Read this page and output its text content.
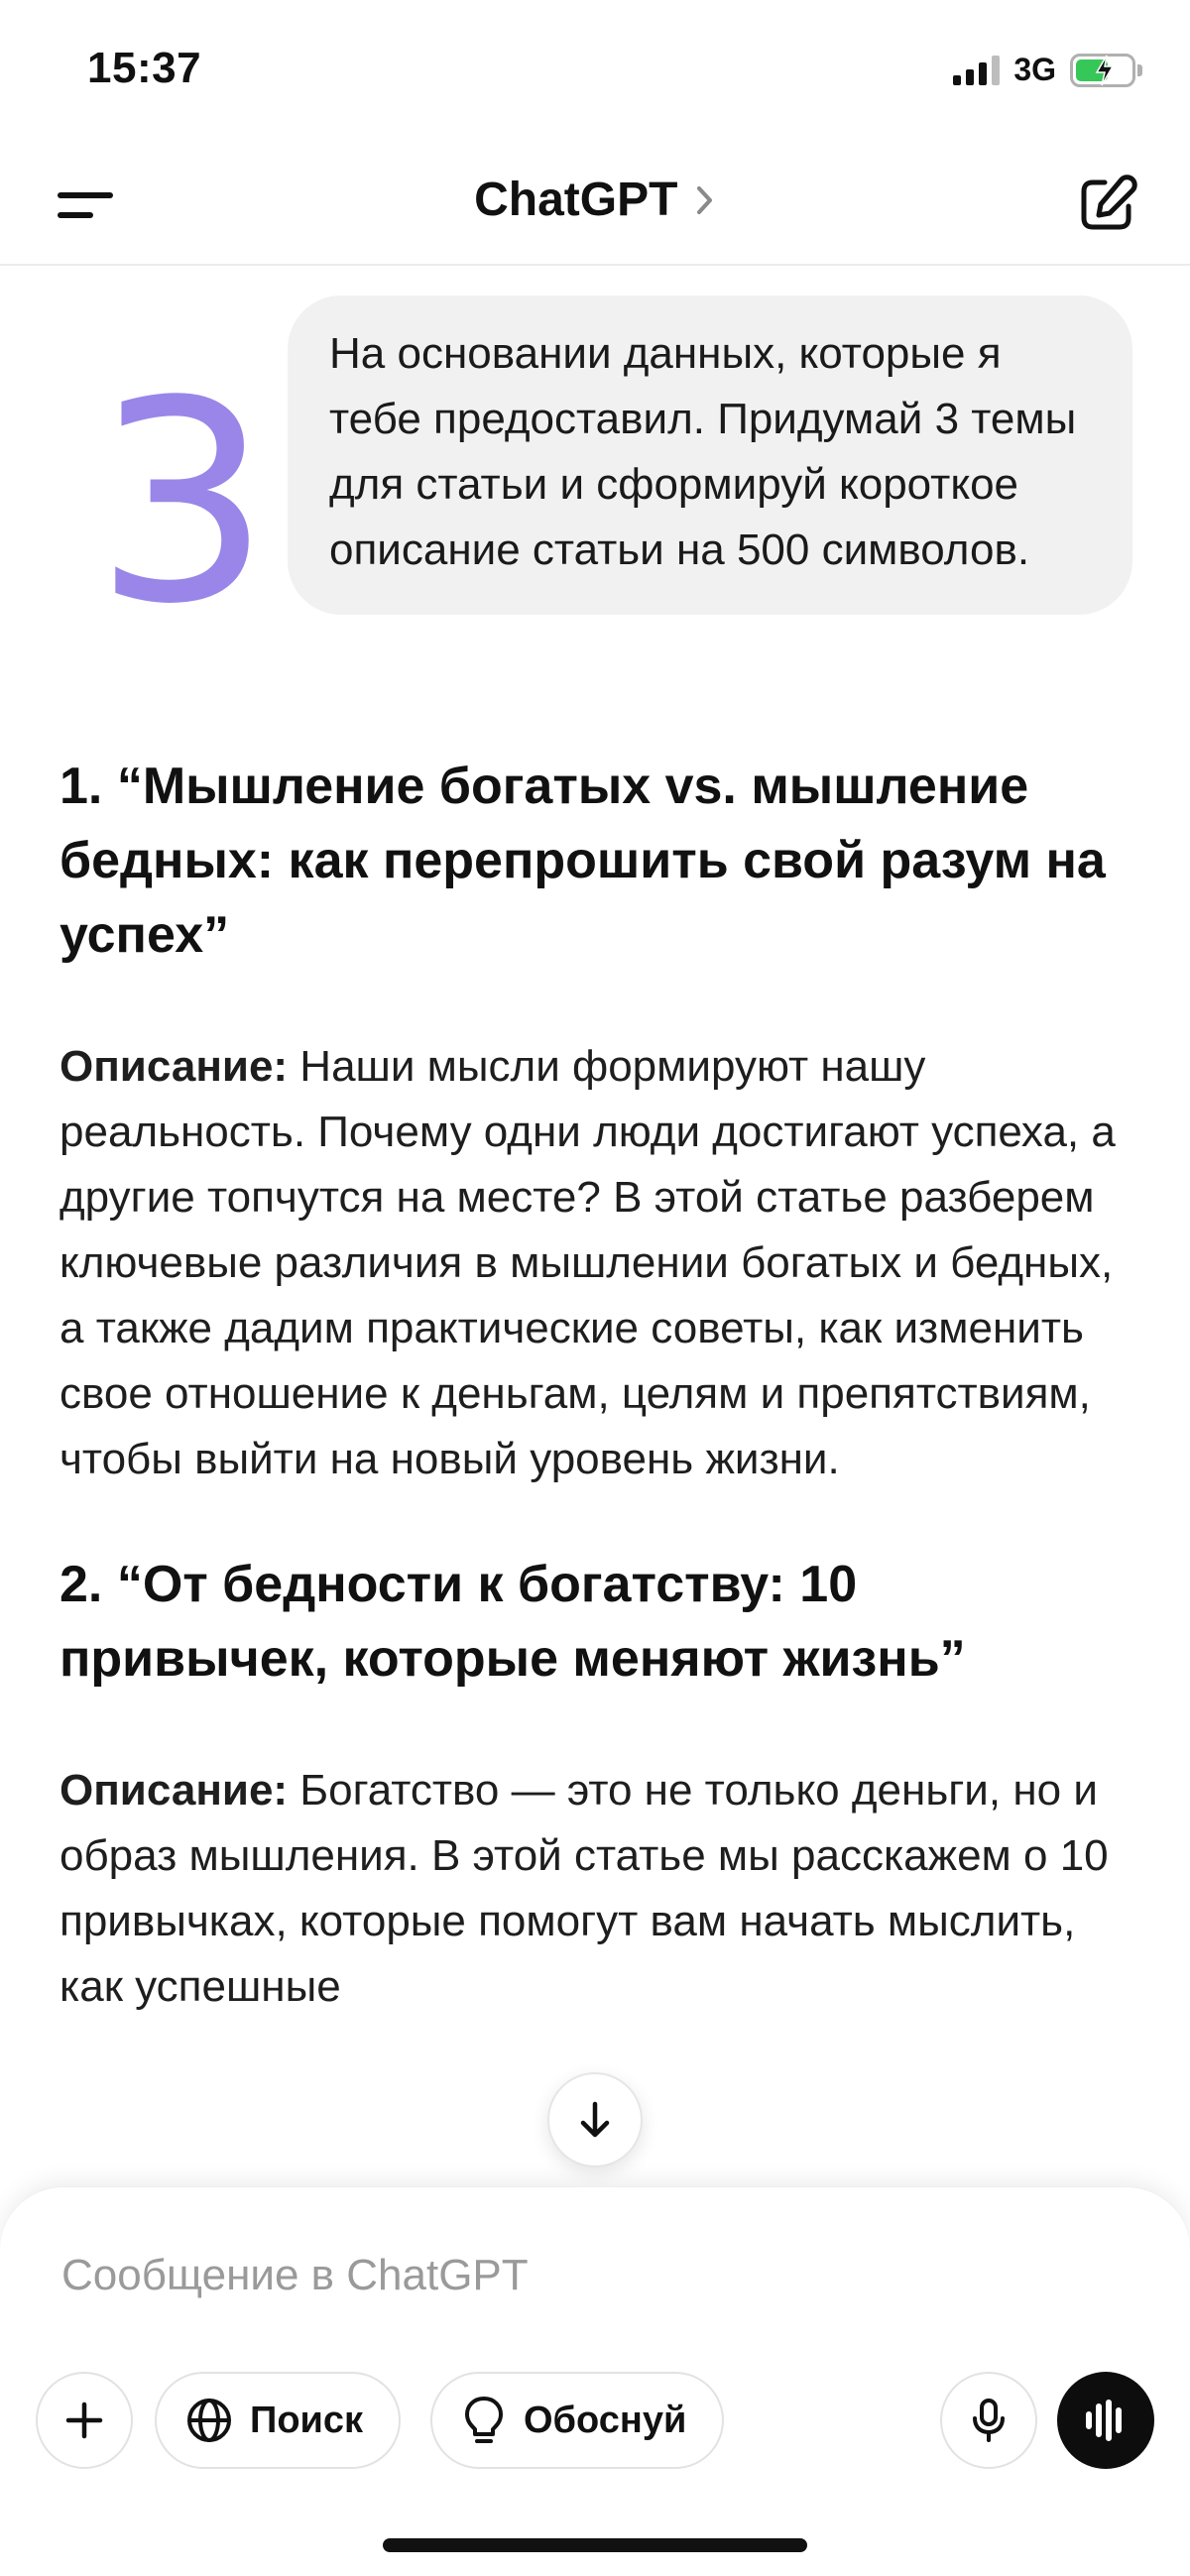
15:37	3G
ChatGPT
3	На основании данных, которые я тебе предоставил. Придумай 3 темы для статьи и сформируй короткое описание статьи на 500 символов.
1. “Мышление богатых vs. мышление бедных: как перепрошить свой разум на успех”
Описание: Наши мысли формируют нашу реальность. Почему одни люди достигают успеха, а другие топчутся на месте? В этой статье разберем ключевые различия в мышлении богатых и бедных, а также дадим практические советы, как изменить свое отношение к деньгам, целям и препятствиям, чтобы выйти на новый уровень жизни.
2. “От бедности к богатству: 10 привычек, которые меняют жизнь”
Описание: Богатство — это не только деньги, но и образ мышления. В этой статье мы расскажем о 10 привычках, которые помогут вам начать мыслить, как успешные
Сообщение в ChatGPT
Поиск	Обоснуй
